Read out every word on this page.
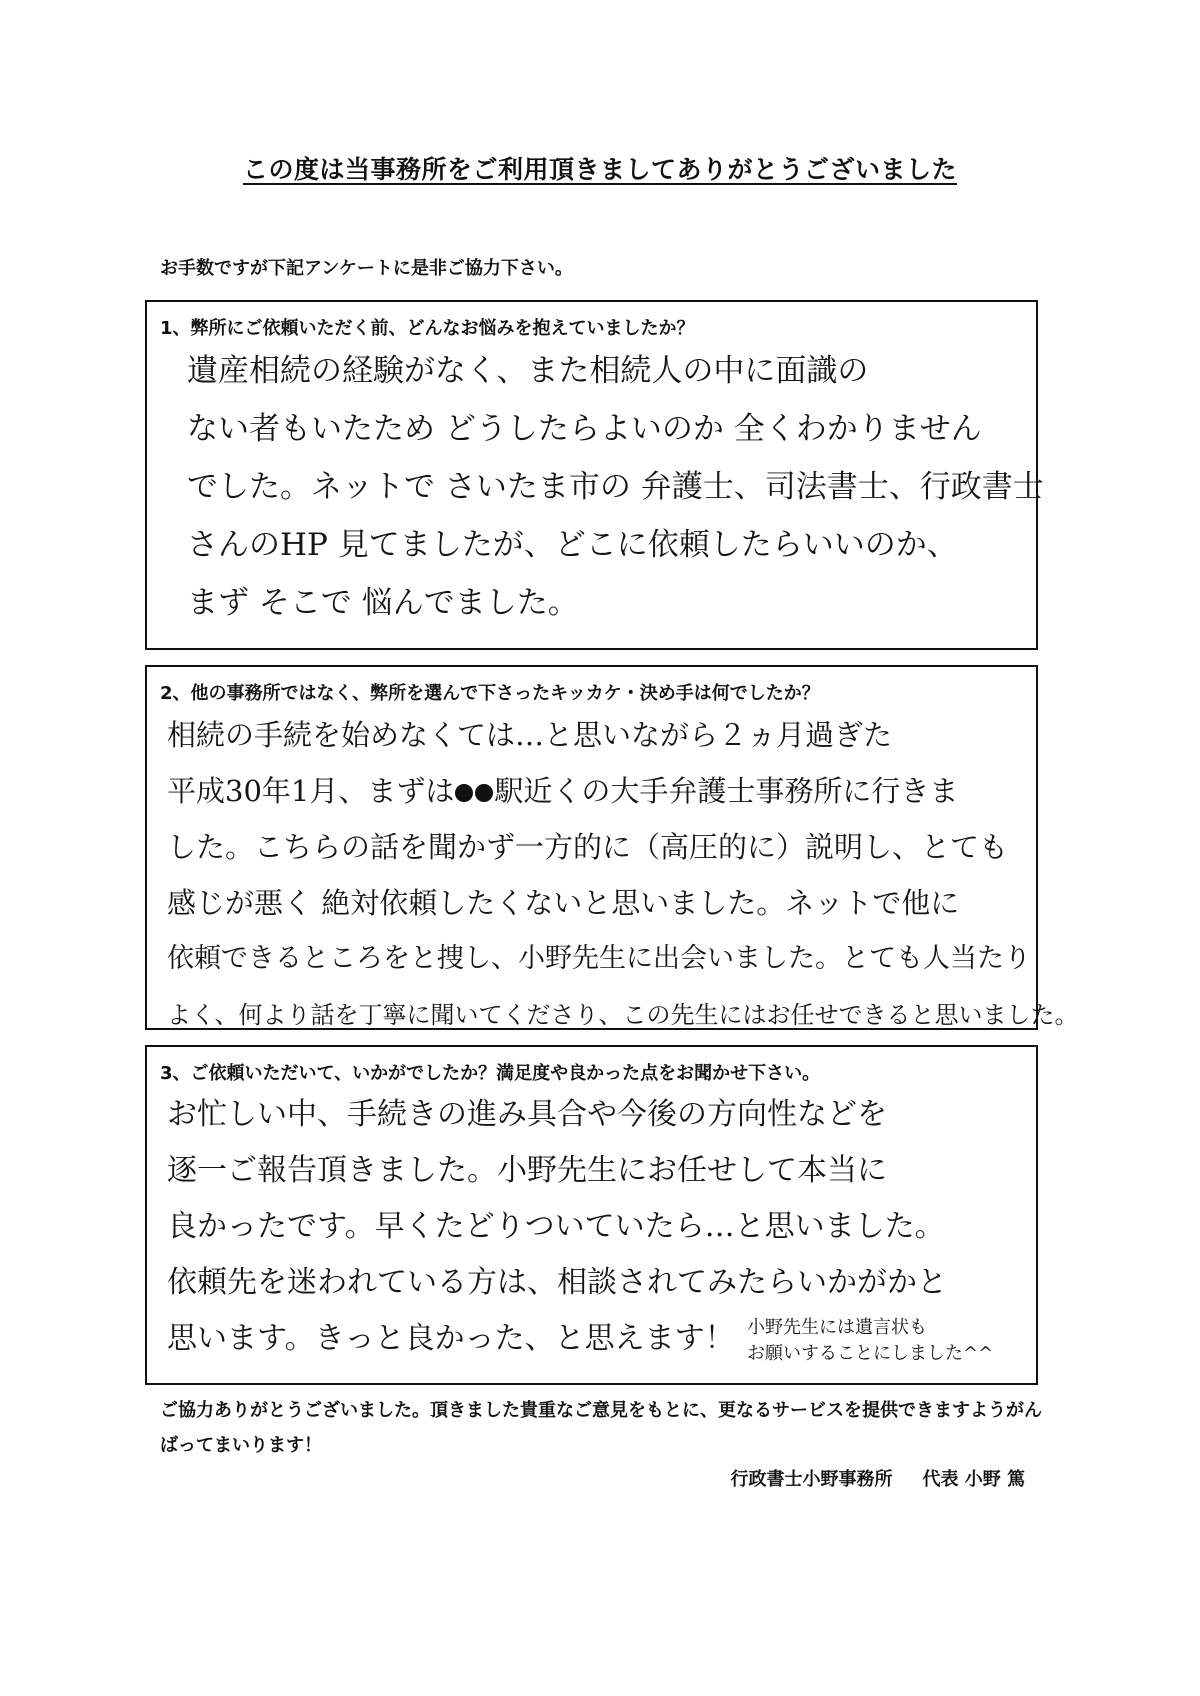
この度は当事務所をご利用頂きましてありがとうございました
お手数ですが下記アンケートに是非ご協力下さい。
1、弊所にご依頼いただく前、どんなお悩みを抱えていましたか？
遺産相続の経験がなく、また相続人の中に面識の
ない者もいたため どうしたらよいのか 全くわかりません
でした。ネットで さいたま市の 弁護士、司法書士、行政書士
さんのHP 見てましたが、どこに依頼したらいいのか、
まず そこで 悩んでました。
2、他の事務所ではなく、弊所を選んで下さったキッカケ・決め手は何でしたか？
相続の手続を始めなくては…と思いながら２ヵ月過ぎた
平成30年1月、まずは 駅近くの大手弁護士事務所に行きま
した。こちらの話を聞かず一方的に（高圧的に）説明し、とても
感じが悪く 絶対依頼したくないと思いました。ネットで他に
依頼できるところをと捜し、小野先生に出会いました。とても人当たり
よく、何より話を丁寧に聞いてくださり、この先生にはお任せできると思いました。
3、ご依頼いただいて、いかがでしたか？満足度や良かった点をお聞かせ下さい。
お忙しい中、手続きの進み具合や今後の方向性などを
逐一ご報告頂きました。小野先生にお任せして本当に
良かったです。早くたどりついていたら…と思いました。
依頼先を迷われている方は、相談されてみたらいかがかと
思います。きっと良かった、と思えます！ 小野先生には遺言状も
お願いすることにしました^^
ご協力ありがとうございました。頂きました貴重なご意見をもとに、更なるサービスを提供できますようがんばってまいります！
行政書士小野事務所 代表 小野 篤
